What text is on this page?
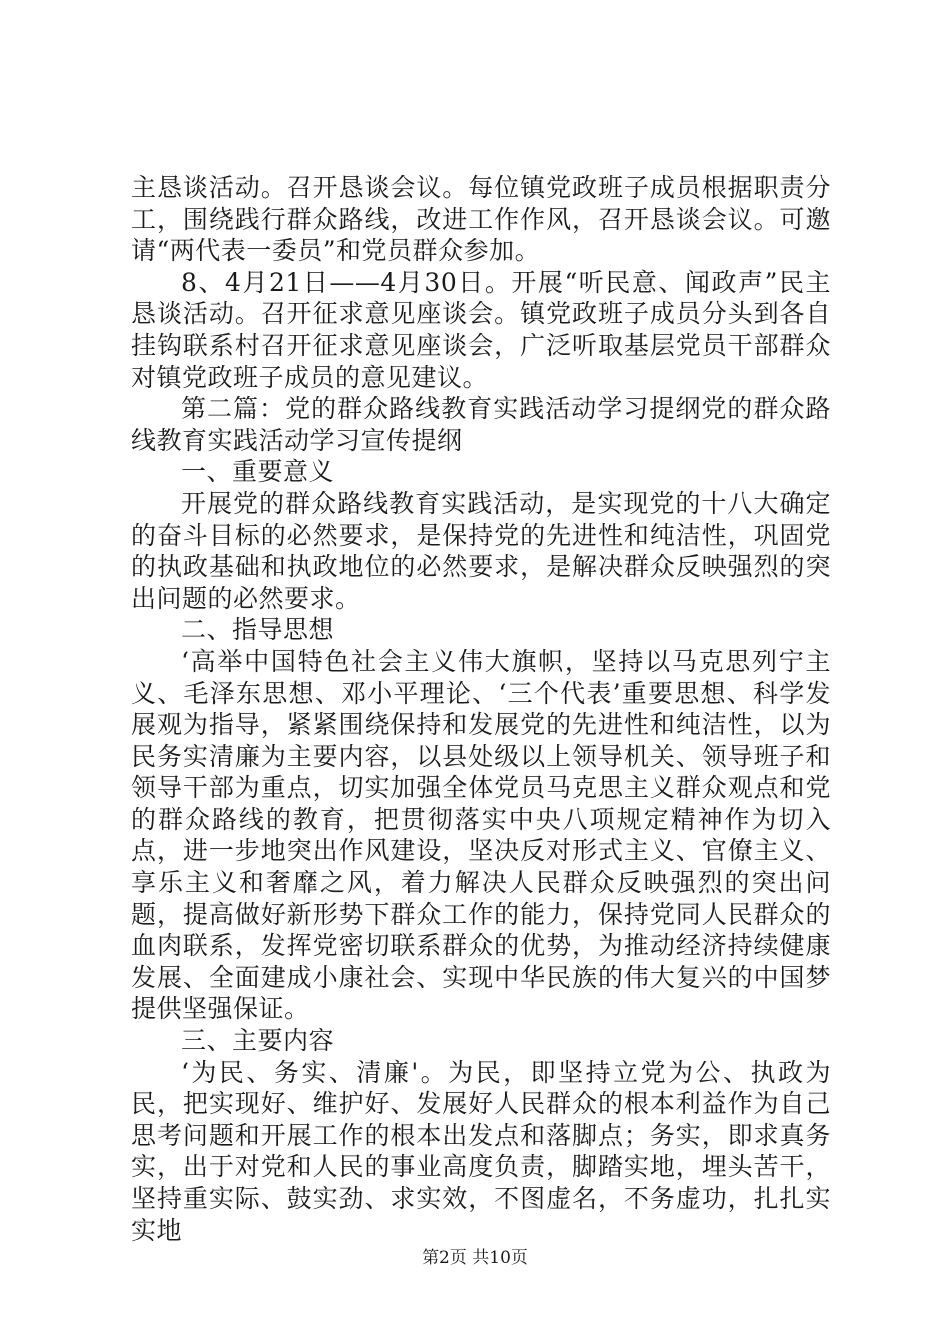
主恳谈活动。召开恳谈会议。每位镇党政班子成员根据职责分工，围绕践行群众路线，改进工作作风，召开恳谈会议。可邀请“两代表一委员”和党员群众参加。

8、4月21日——4月30日。开展“听民意、闻政声”民主恳谈活动。召开征求意见座谈会。镇党政班子成员分头到各自挂钩联系村召开征求意见座谈会，广泛听取基层党员干部群众对镇党政班子成员的意见建议。

第二篇：党的群众路线教育实践活动学习提纲党的群众路线教育实践活动学习宣传提纲

一、重要意义

开展党的群众路线教育实践活动，是实现党的十八大确定的奋斗目标的必然要求，是保持党的先进性和纯洁性，巩固党的执政基础和执政地位的必然要求，是解决群众反映强烈的突出问题的必然要求。

二、指导思想

‘高举中国特色社会主义伟大旗帜，坚持以马克思列宁主义、毛泽东思想、邓小平理论、‘三个代表’重要思想、科学发展观为指导，紧紧围绕保持和发展党的先进性和纯洁性，以为民务实清廉为主要内容，以县处级以上领导机关、领导班子和领导干部为重点，切实加强全体党员马克思主义群众观点和党的群众路线的教育，把贯彻落实中央八项规定精神作为切入点，进一步地突出作风建设，坚决反对形式主义、官僚主义、享乐主义和奢靡之风，着力解决人民群众反映强烈的突出问题，提高做好新形势下群众工作的能力，保持党同人民群众的血肉联系，发挥党密切联系群众的优势，为推动经济持续健康发展、全面建成小康社会、实现中华民族的伟大复兴的中国梦提供坚强保证。

三、主要内容

‘为民、务实、清廉'。为民，即坚持立党为公、执政为民，把实现好、维护好、发展好人民群众的根本利益作为自己思考问题和开展工作的根本出发点和落脚点；务实，即求真务实，出于对党和人民的事业高度负责，脚踏实地，埋头苦干，坚持重实际、鼓实劲、求实效，不图虚名，不务虚功，扎扎实实地

第2页 共10页
